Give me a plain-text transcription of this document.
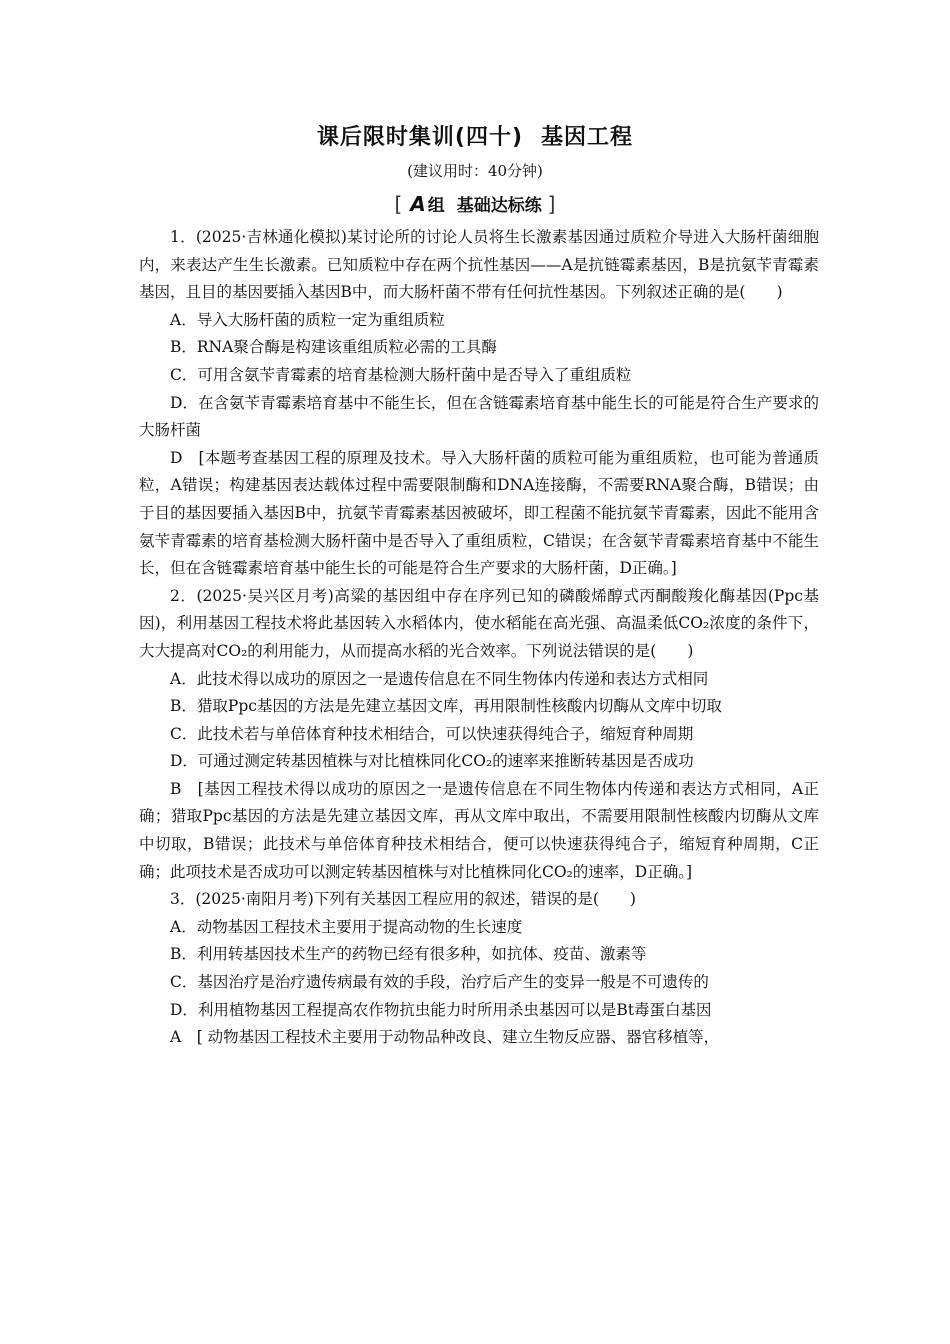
课后限时集训(四十) 基因工程
(建议用时：40分钟)
[ A 组 基础达标练 ]

1．(2025·吉林通化模拟)某讨论所的讨论人员将生长激素基因通过质粒介导进入大肠杆菌细胞内，来表达产生生长激素。已知质粒中存在两个抗性基因——A是抗链霉素基因，B是抗氨苄青霉素基因，且目的基因要插入基因B中，而大肠杆菌不带有任何抗性基因。下列叙述正确的是(　　)

A．导入大肠杆菌的质粒一定为重组质粒

B．RNA聚合酶是构建该重组质粒必需的工具酶

C．可用含氨苄青霉素的培育基检测大肠杆菌中是否导入了重组质粒

D．在含氨苄青霉素培育基中不能生长，但在含链霉素培育基中能生长的可能是符合生产要求的大肠杆菌

D　[本题考查基因工程的原理及技术。导入大肠杆菌的质粒可能为重组质粒，也可能为普通质粒，A错误；构建基因表达载体过程中需要限制酶和DNA连接酶，不需要RNA聚合酶，B错误；由于目的基因要插入基因B中，抗氨苄青霉素基因被破坏，即工程菌不能抗氨苄青霉素，因此不能用含氨苄青霉素的培育基检测大肠杆菌中是否导入了重组质粒，C错误；在含氨苄青霉素培育基中不能生长，但在含链霉素培育基中能生长的可能是符合生产要求的大肠杆菌，D正确。]

2．(2025·吴兴区月考)高粱的基因组中存在序列已知的磷酸烯醇式丙酮酸羧化酶基因(Ppc基因)，利用基因工程技术将此基因转入水稻体内，使水稻能在高光强、高温柔低CO₂浓度的条件下，大大提高对CO₂的利用能力，从而提高水稻的光合效率。下列说法错误的是(　　)

A．此技术得以成功的原因之一是遗传信息在不同生物体内传递和表达方式相同

B．猎取Ppc基因的方法是先建立基因文库，再用限制性核酸内切酶从文库中切取

C．此技术若与单倍体育种技术相结合，可以快速获得纯合子，缩短育种周期

D．可通过测定转基因植株与对比植株同化CO₂的速率来推断转基因是否成功

B　[基因工程技术得以成功的原因之一是遗传信息在不同生物体内传递和表达方式相同，A正确；猎取Ppc基因的方法是先建立基因文库，再从文库中取出，不需要用限制性核酸内切酶从文库中切取，B错误；此技术与单倍体育种技术相结合，便可以快速获得纯合子，缩短育种周期，C正确；此项技术是否成功可以测定转基因植株与对比植株同化CO₂的速率，D正确。]

3．(2025·南阳月考)下列有关基因工程应用的叙述，错误的是(　　)

A．动物基因工程技术主要用于提高动物的生长速度

B．利用转基因技术生产的药物已经有很多种，如抗体、疫苗、激素等

C．基因治疗是治疗遗传病最有效的手段，治疗后产生的变异一般是不可遗传的

D．利用植物基因工程提高农作物抗虫能力时所用杀虫基因可以是Bt毒蛋白基因

A　[ 动物基因工程技术主要用于动物品种改良、建立生物反应器、器官移植等，
